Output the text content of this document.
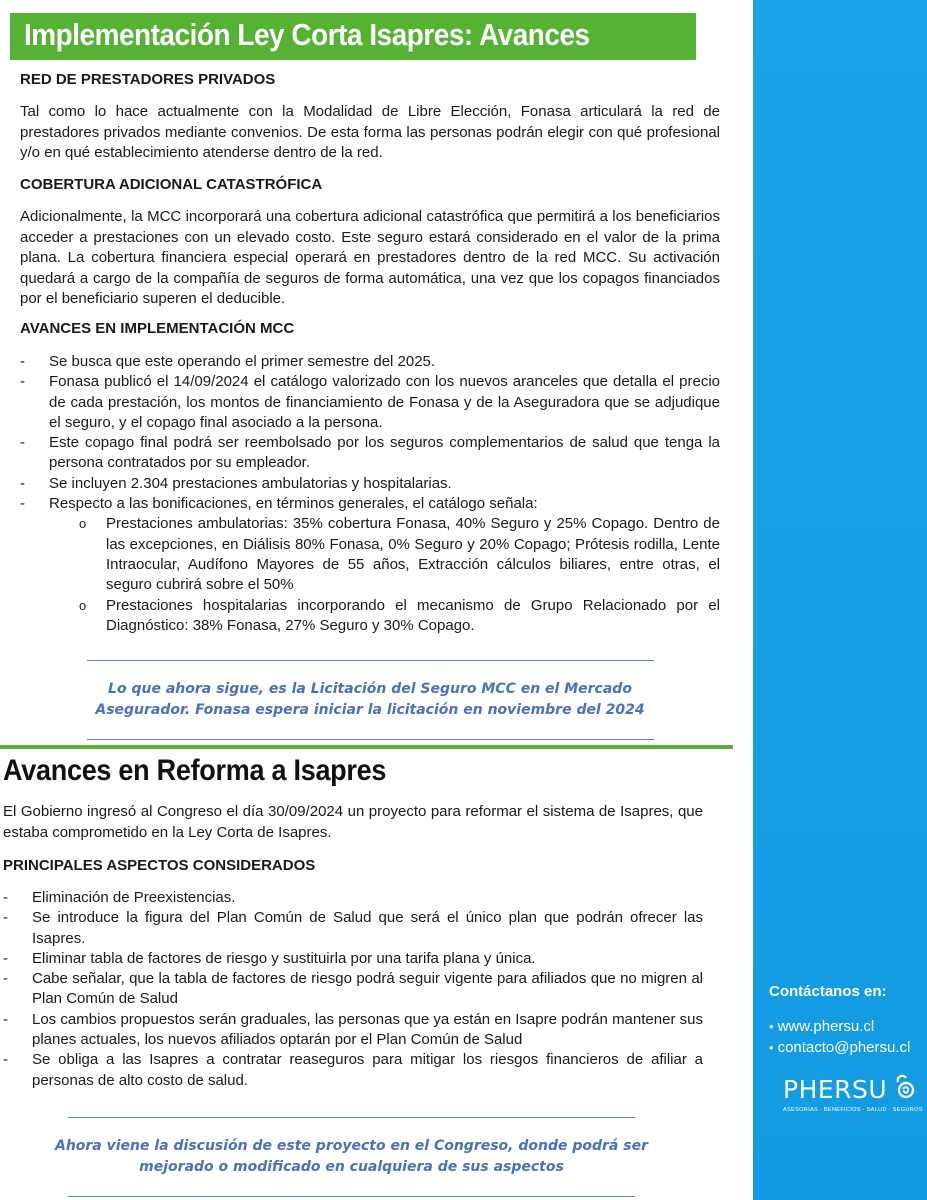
Contáctanos en:
• www.phersu.cl
• contacto@phersu.cl
PHERSU
ASESORÍAS · BENEFICIOS · SALUD · SEGUROS
Implementación Ley Corta Isapres: Avances
RED DE PRESTADORES PRIVADOS
Tal como lo hace actualmente con la Modalidad de Libre Elección, Fonasa articulará la red de prestadores privados mediante convenios. De esta forma las personas podrán elegir con qué profesional y/o en qué establecimiento atenderse dentro de la red.
COBERTURA ADICIONAL CATASTRÓFICA
Adicionalmente, la MCC incorporará una cobertura adicional catastrófica que permitirá a los beneficiarios acceder a prestaciones con un elevado costo. Este seguro estará considerado en el valor de la prima plana. La cobertura financiera especial operará en prestadores dentro de la red MCC. Su activación quedará a cargo de la compañía de seguros de forma automática, una vez que los copagos financiados por el beneficiario superen el deducible.
AVANCES EN IMPLEMENTACIÓN MCC
- Se busca que este operando el primer semestre del 2025.
- Fonasa publicó el 14/09/2024 el catálogo valorizado con los nuevos aranceles que detalla el precio de cada prestación, los montos de financiamiento de Fonasa y de la Aseguradora que se adjudique el seguro, y el copago final asociado a la persona.
- Este copago final podrá ser reembolsado por los seguros complementarios de salud que tenga la persona contratados por su empleador.
- Se incluyen 2.304 prestaciones ambulatorias y hospitalarias.
- Respecto a las bonificaciones, en términos generales, el catálogo señala:
o Prestaciones ambulatorias: 35% cobertura Fonasa, 40% Seguro y 25% Copago. Dentro de las excepciones, en Diálisis 80% Fonasa, 0% Seguro y 20% Copago; Prótesis rodilla, Lente Intraocular, Audífono Mayores de 55 años, Extracción cálculos biliares, entre otras, el seguro cubrirá sobre el 50%
o Prestaciones hospitalarias incorporando el mecanismo de Grupo Relacionado por el Diagnóstico: 38% Fonasa, 27% Seguro y 30% Copago.
Lo que ahora sigue, es la Licitación del Seguro MCC en el Mercado
Asegurador. Fonasa espera iniciar la licitación en noviembre del 2024
Avances en Reforma a Isapres
El Gobierno ingresó al Congreso el día 30/09/2024 un proyecto para reformar el sistema de Isapres, que estaba comprometido en la Ley Corta de Isapres.
PRINCIPALES ASPECTOS CONSIDERADOS
- Eliminación de Preexistencias.
- Se introduce la figura del Plan Común de Salud que será el único plan que podrán ofrecer las Isapres.
- Eliminar tabla de factores de riesgo y sustituirla por una tarifa plana y única.
- Cabe señalar, que la tabla de factores de riesgo podrá seguir vigente para afiliados que no migren al Plan Común de Salud
- Los cambios propuestos serán graduales, las personas que ya están en Isapre podrán mantener sus planes actuales, los nuevos afiliados optarán por el Plan Común de Salud
- Se obliga a las Isapres a contratar reaseguros para mitigar los riesgos financieros de afiliar a personas de alto costo de salud.
Ahora viene la discusión de este proyecto en el Congreso, donde podrá ser
mejorado o modificado en cualquiera de sus aspectos
